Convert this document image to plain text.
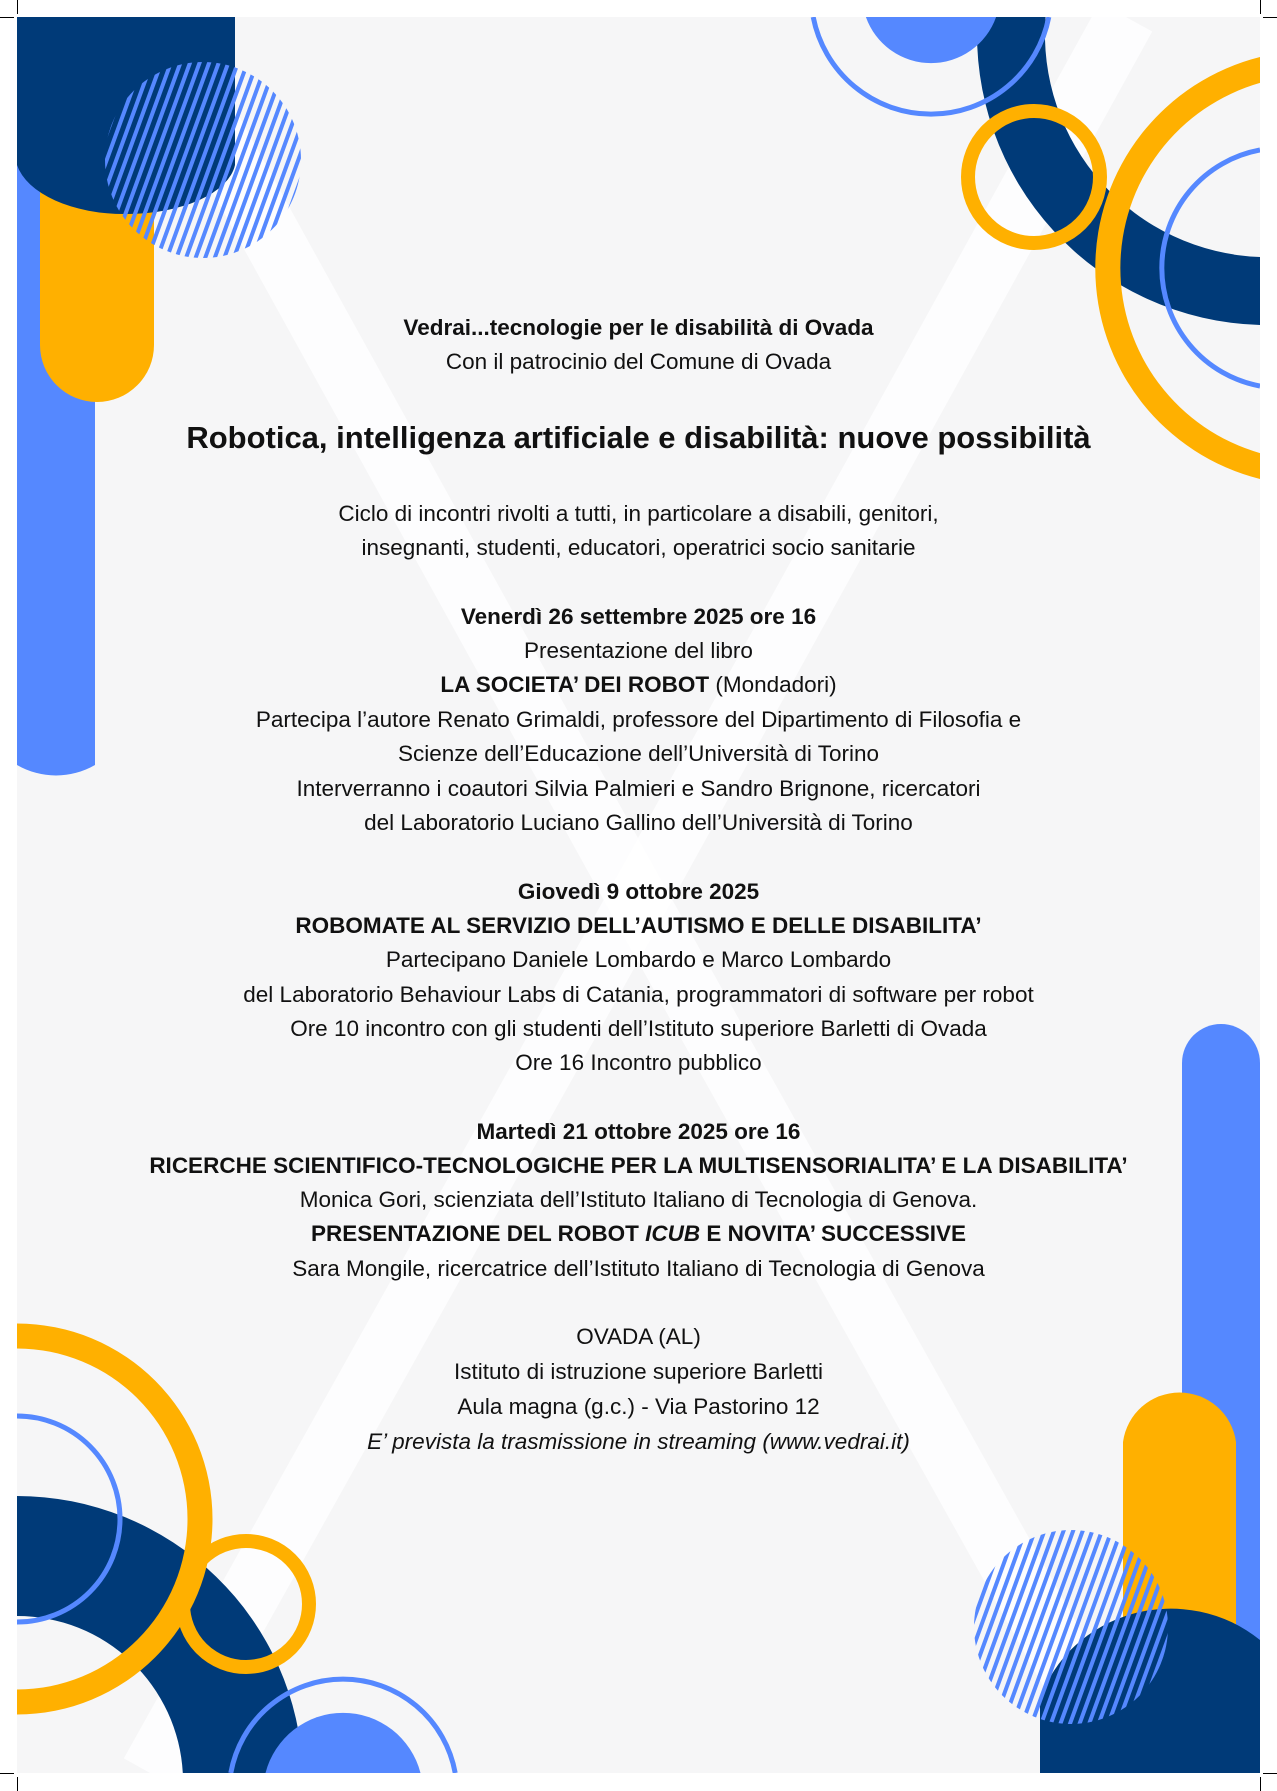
Vedrai...tecnologie per le disabilità di Ovada
Con il patrocinio del Comune di Ovada
Robotica, intelligenza artificiale e disabilità: nuove possibilità
Ciclo di incontri rivolti a tutti, in particolare a disabili, genitori,
insegnanti, studenti, educatori, operatrici socio sanitarie
Venerdì 26 settembre 2025 ore 16
Presentazione del libro
LA SOCIETA’ DEI ROBOT (Mondadori)
Partecipa l’autore Renato Grimaldi, professore del Dipartimento di Filosofia e
Scienze dell’Educazione dell’Università di Torino
Interverranno i coautori Silvia Palmieri e Sandro Brignone, ricercatori
del Laboratorio Luciano Gallino dell’Università di Torino
Giovedì 9 ottobre 2025
ROBOMATE AL SERVIZIO DELL’AUTISMO E DELLE DISABILITA’
Partecipano Daniele Lombardo e Marco Lombardo
del Laboratorio Behaviour Labs di Catania, programmatori di software per robot
Ore 10 incontro con gli studenti dell’Istituto superiore Barletti di Ovada
Ore 16 Incontro pubblico
Martedì 21 ottobre 2025 ore 16
RICERCHE SCIENTIFICO-TECNOLOGICHE PER LA MULTISENSORIALITA’ E LA DISABILITA’
Monica Gori, scienziata dell’Istituto Italiano di Tecnologia di Genova.
PRESENTAZIONE DEL ROBOT ICUB E NOVITA’ SUCCESSIVE
Sara Mongile, ricercatrice dell’Istituto Italiano di Tecnologia di Genova
OVADA (AL)
Istituto di istruzione superiore Barletti
Aula magna (g.c.) - Via Pastorino 12
E’ prevista la trasmissione in streaming (www.vedrai.it)
